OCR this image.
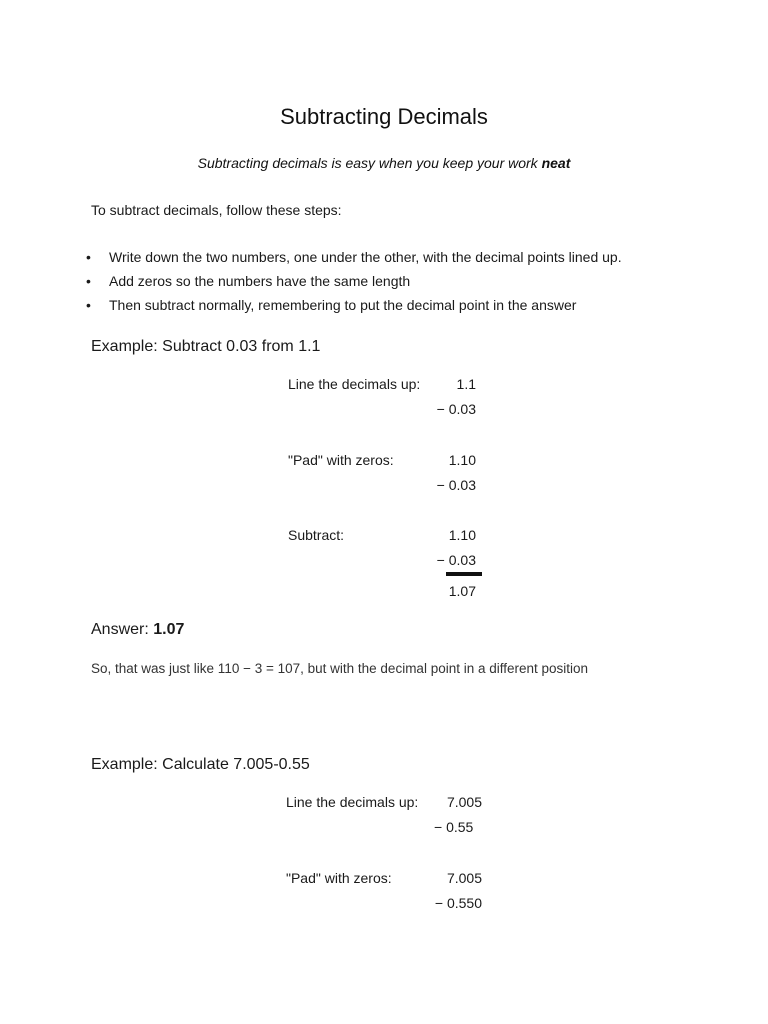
Subtracting Decimals
Subtracting decimals is easy when you keep your work neat
To subtract decimals, follow these steps:
• Write down the two numbers, one under the other, with the decimal points lined up.
• Add zeros so the numbers have the same length
• Then subtract normally, remembering to put the decimal point in the answer
Example: Subtract 0.03 from 1.1
Line the decimals up:	1.1
− 0.03
"Pad" with zeros:	1.10
− 0.03
Subtract:	1.10
− 0.03
1.07
Answer: 1.07
So, that was just like 110 − 3 = 107, but with the decimal point in a different position
Example: Calculate 7.005-0.55
Line the decimals up:	7.005
− 0.55
"Pad" with zeros:	7.005
− 0.550
